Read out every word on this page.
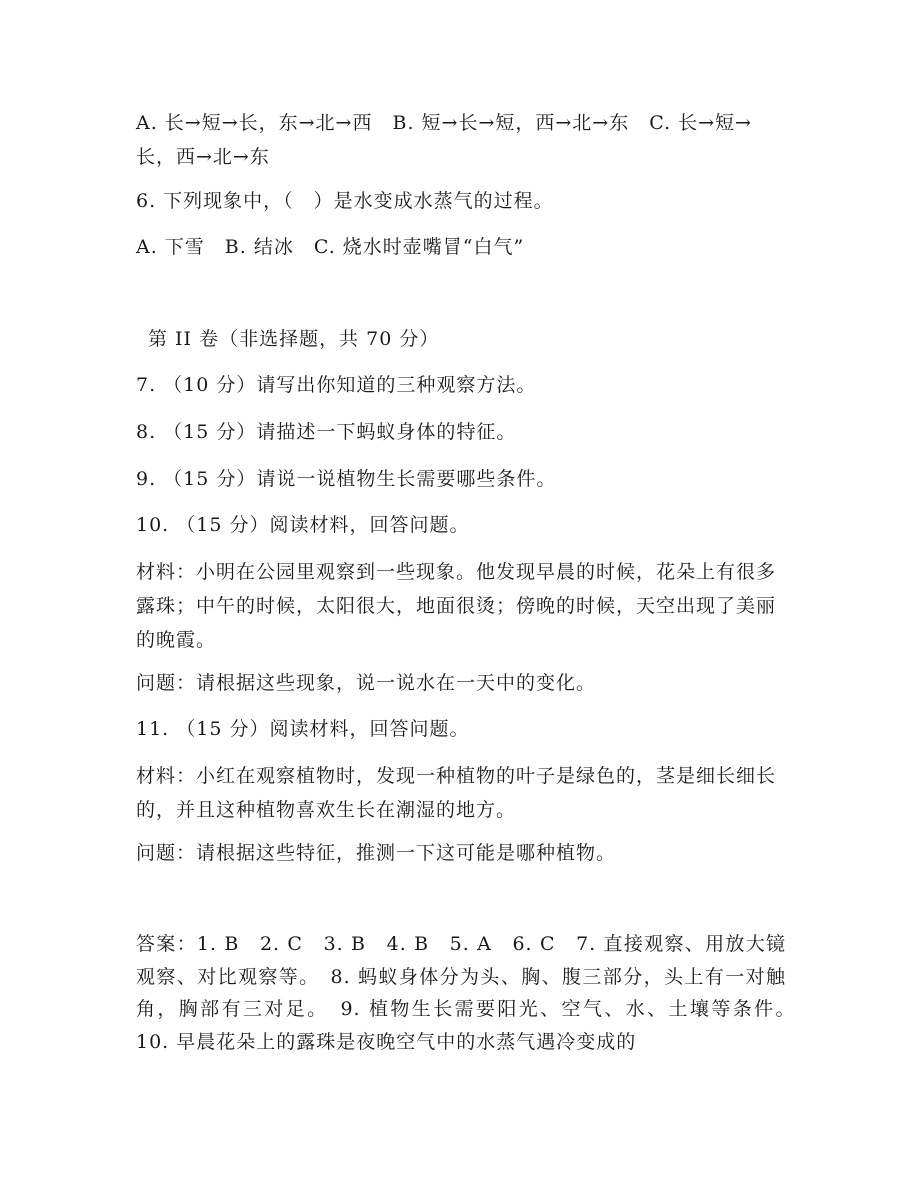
A. 长→短→长，东→北→西　B. 短→长→短，西→北→东　C. 长→短→长，西→北→东

6. 下列现象中，（　）是水变成水蒸气的过程。

A. 下雪　B. 结冰　C. 烧水时壶嘴冒“白气”

第 II 卷（非选择题，共 70 分）

7. （10 分）请写出你知道的三种观察方法。

8. （15 分）请描述一下蚂蚁身体的特征。

9. （15 分）请说一说植物生长需要哪些条件。

10. （15 分）阅读材料，回答问题。

材料：小明在公园里观察到一些现象。他发现早晨的时候，花朵上有很多露珠；中午的时候，太阳很大，地面很烫；傍晚的时候，天空出现了美丽的晚霞。

问题：请根据这些现象，说一说水在一天中的变化。

11. （15 分）阅读材料，回答问题。

材料：小红在观察植物时，发现一种植物的叶子是绿色的，茎是细长细长的，并且这种植物喜欢生长在潮湿的地方。

问题：请根据这些特征，推测一下这可能是哪种植物。

答案：1. B　2. C　3. B　4. B　5. A　6. C　7. 直接观察、用放大镜观察、对比观察等。　8. 蚂蚁身体分为头、胸、腹三部分，头上有一对触角，胸部有三对足。　9. 植物生长需要阳光、空气、水、土壤等条件。　10. 早晨花朵上的露珠是夜晚空气中的水蒸气遇冷变成的
